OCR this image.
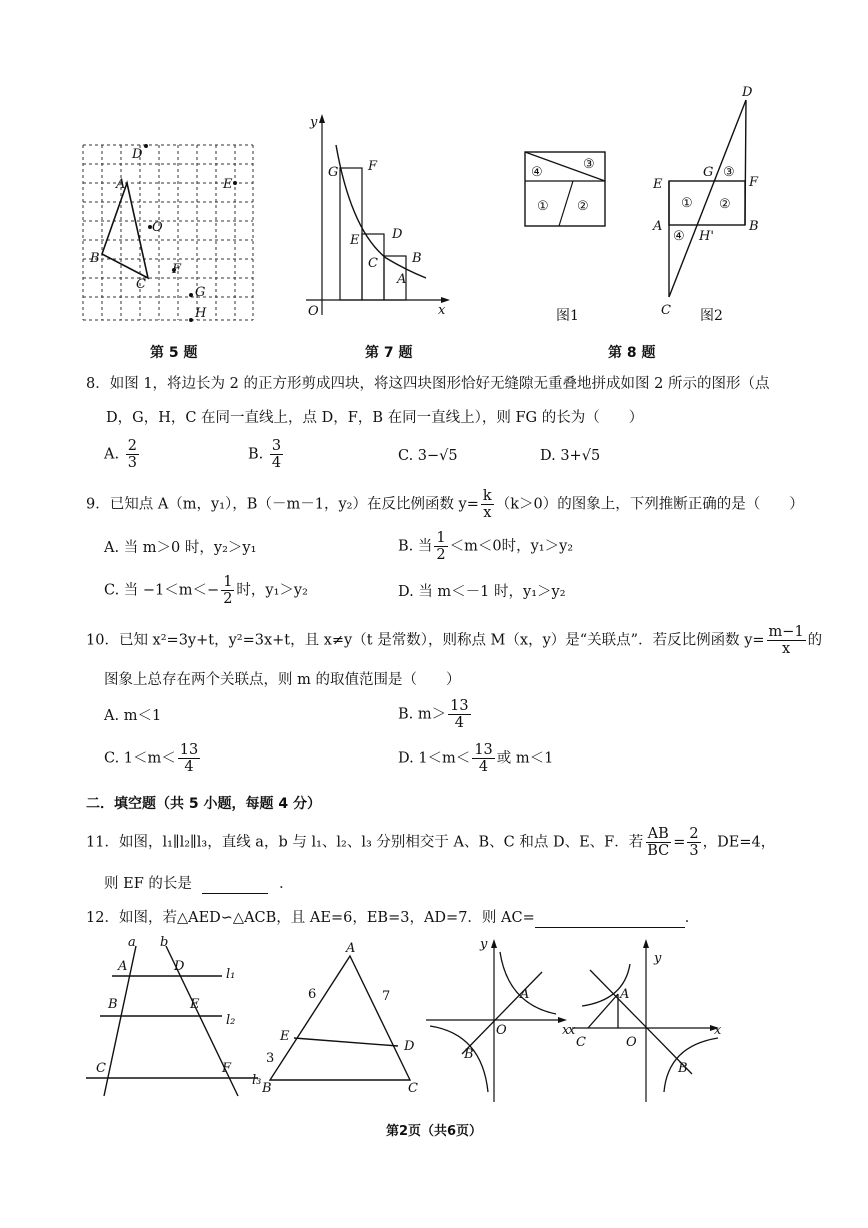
D
A	E
O
B
C
F
G
H
y
x
O
G F
E	D
C	B
A
④
③
① ②
D
G ③
E	F
① ②
A	B
④ H'
C
图1	图2
第 5 题	第 7 题	第 8 题
8．如图 1，将边长为 2 的正方形剪成四块，将这四块图形恰好无缝隙无重叠地拼成如图 2 所示的图形（点
D，G，H，C 在同一直线上，点 D，F，B 在同一直线上），则 FG 的长为（　　）
A. $\frac{2}{3}$	B. $\frac{3}{4}$	C. 3−√5	D. 3+√5
9．已知点 A（m，y₁），B（－m－1，y₂）在反比例函数 $y= \frac{k}{x} (k>0)$的图象上，下列推断正确的是（　　）
A. 当 m＞0 时，y₂＞y₁	B. 当 $\frac{1}{2} <m<0$时，y₁＞y₂
C. 当 $-1<m<- \frac{1}{2}$ 时，y₁＞y₂	D. 当 m＜－1 时，y₁＞y₂
10．已知 x²=3y+t，y²=3x+t，且 x≠y（t 是常数），则称点 M（x，y）是“关联点”．若反比例函数 $y= \frac{m-1}{x}$ 的
图象上总存在两个关联点，则 m 的取值范围是（　　）
A. m＜1	B. $m> \frac{13}{4}$
C. $1<m< \frac{13}{4}$	D. $1<m< \frac{13}{4}$ 或 m＜1
二．填空题（共 5 小题，每题 4 分）
11．如图，l₁∥l₂∥l₃，直线 a，b 与 l₁、l₂、l₃ 分别相交于 A、B、C 和点 D、E、F．若 $\frac{AB}{BC} = \frac{2}{3}$ ，DE=4，
则 EF 的长是	．
12．如图，若△AED∽△ACB，且 AE=6，EB=3，AD=7．则 AC=	．
a b
A	D
l₁
B	E
l₂
C	F
l₃
A
6	7
E
D
3
B	C
y
A
O	x
B
y
A
x
C	O
x
B
第2页（共6页）
